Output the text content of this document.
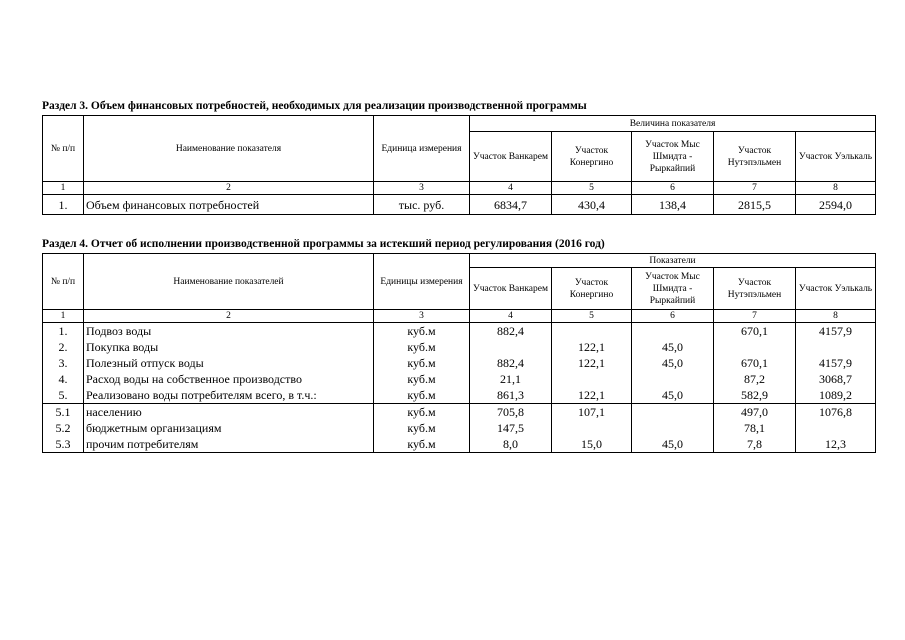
Раздел 3. Объем финансовых потребностей, необходимых для реализации производственной программы
№ п/п	Наименование показателя	Единица измерения	Величина показателя				
			Участок Ванкарем	Участок Конергино	Участок Мыс Шмидта - Рыркайпий	Участок Нутэпэльмен	Участок Уэлькаль
1	2	3	4	5	6	7	8
1.	Объем финансовых потребностей	тыс. руб.	6834,7	430,4	138,4	2815,5	2594,0
Раздел 4. Отчет об исполнении производственной программы за истекший период регулирования (2016 год)
№ п/п	Наименование показателей	Единицы измерения	Показатели				
			Участок Ванкарем	Участок Конергино	Участок Мыс Шмидта - Рыркайпий	Участок Нутэпэльмен	Участок Уэлькаль
1	2	3	4	5	6	7	8
1.	Подвоз воды	куб.м	882,4			670,1	4157,9
2.	Покупка воды	куб.м		122,1	45,0		
3.	Полезный отпуск воды	куб.м	882,4	122,1	45,0	670,1	4157,9
4.	Расход воды на собственное производство	куб.м	21,1			87,2	3068,7
5.	Реализовано воды потребителям всего, в т.ч.:	куб.м	861,3	122,1	45,0	582,9	1089,2
5.1	населению	куб.м	705,8	107,1		497,0	1076,8
5.2	бюджетным организациям	куб.м	147,5			78,1	
5.3	прочим потребителям	куб.м	8,0	15,0	45,0	7,8	12,3
